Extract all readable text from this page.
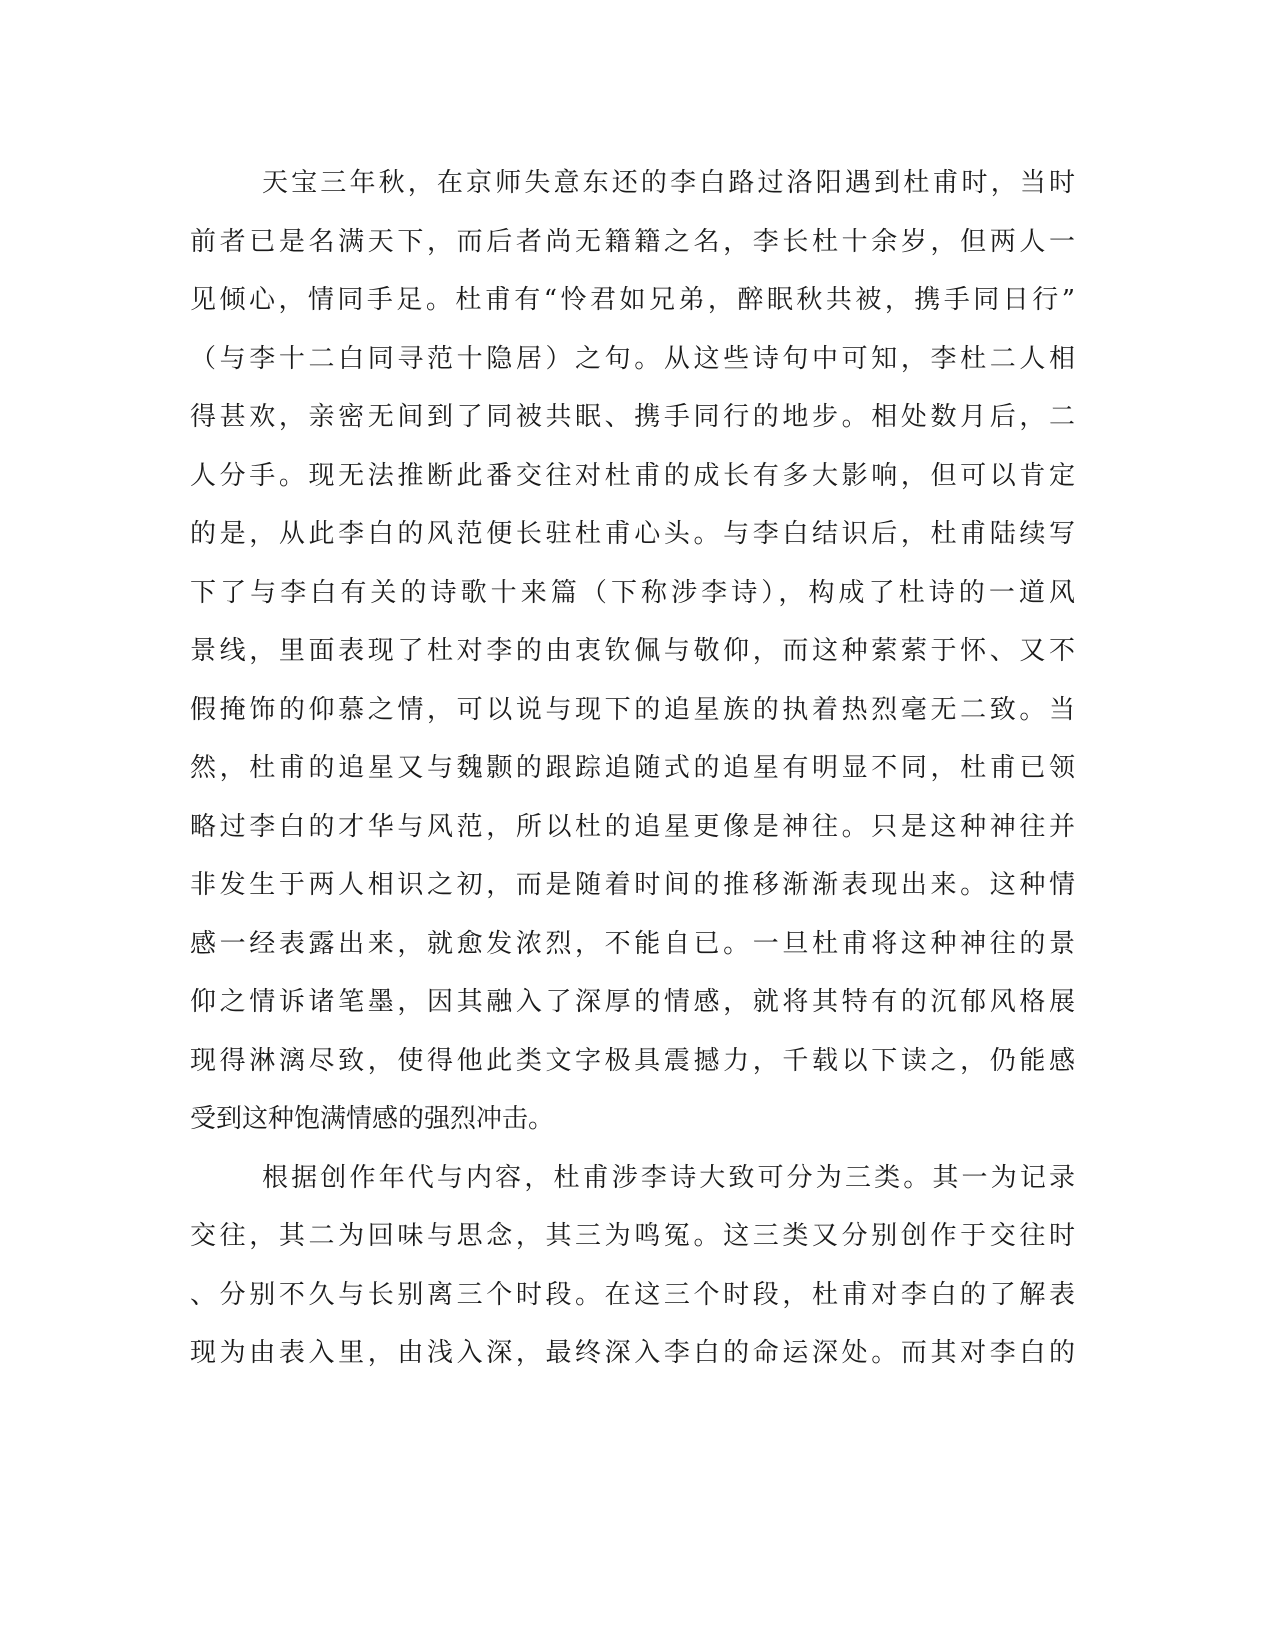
天宝三年秋，在京师失意东还的李白路过洛阳遇到杜甫时，当时
前者已是名满天下，而后者尚无籍籍之名，李长杜十余岁，但两人一
见倾心，情同手足。杜甫有“怜君如兄弟，醉眠秋共被，携手同日行”
（与李十二白同寻范十隐居）之句。从这些诗句中可知，李杜二人相
得甚欢，亲密无间到了同被共眠、携手同行的地步。相处数月后，二
人分手。现无法推断此番交往对杜甫的成长有多大影响，但可以肯定
的是，从此李白的风范便长驻杜甫心头。与李白结识后，杜甫陆续写
下了与李白有关的诗歌十来篇（下称涉李诗），构成了杜诗的一道风
景线，里面表现了杜对李的由衷钦佩与敬仰，而这种萦萦于怀、又不
假掩饰的仰慕之情，可以说与现下的追星族的执着热烈毫无二致。当
然，杜甫的追星又与魏颢的跟踪追随式的追星有明显不同，杜甫已领
略过李白的才华与风范，所以杜的追星更像是神往。只是这种神往并
非发生于两人相识之初，而是随着时间的推移渐渐表现出来。这种情
感一经表露出来，就愈发浓烈，不能自已。一旦杜甫将这种神往的景
仰之情诉诸笔墨，因其融入了深厚的情感，就将其特有的沉郁风格展
现得淋漓尽致，使得他此类文字极具震撼力，千载以下读之，仍能感
受到这种饱满情感的强烈冲击。
根据创作年代与内容，杜甫涉李诗大致可分为三类。其一为记录
交往，其二为回味与思念，其三为鸣冤。这三类又分别创作于交往时
、分别不久与长别离三个时段。在这三个时段，杜甫对李白的了解表
现为由表入里，由浅入深，最终深入李白的命运深处。而其对李白的
